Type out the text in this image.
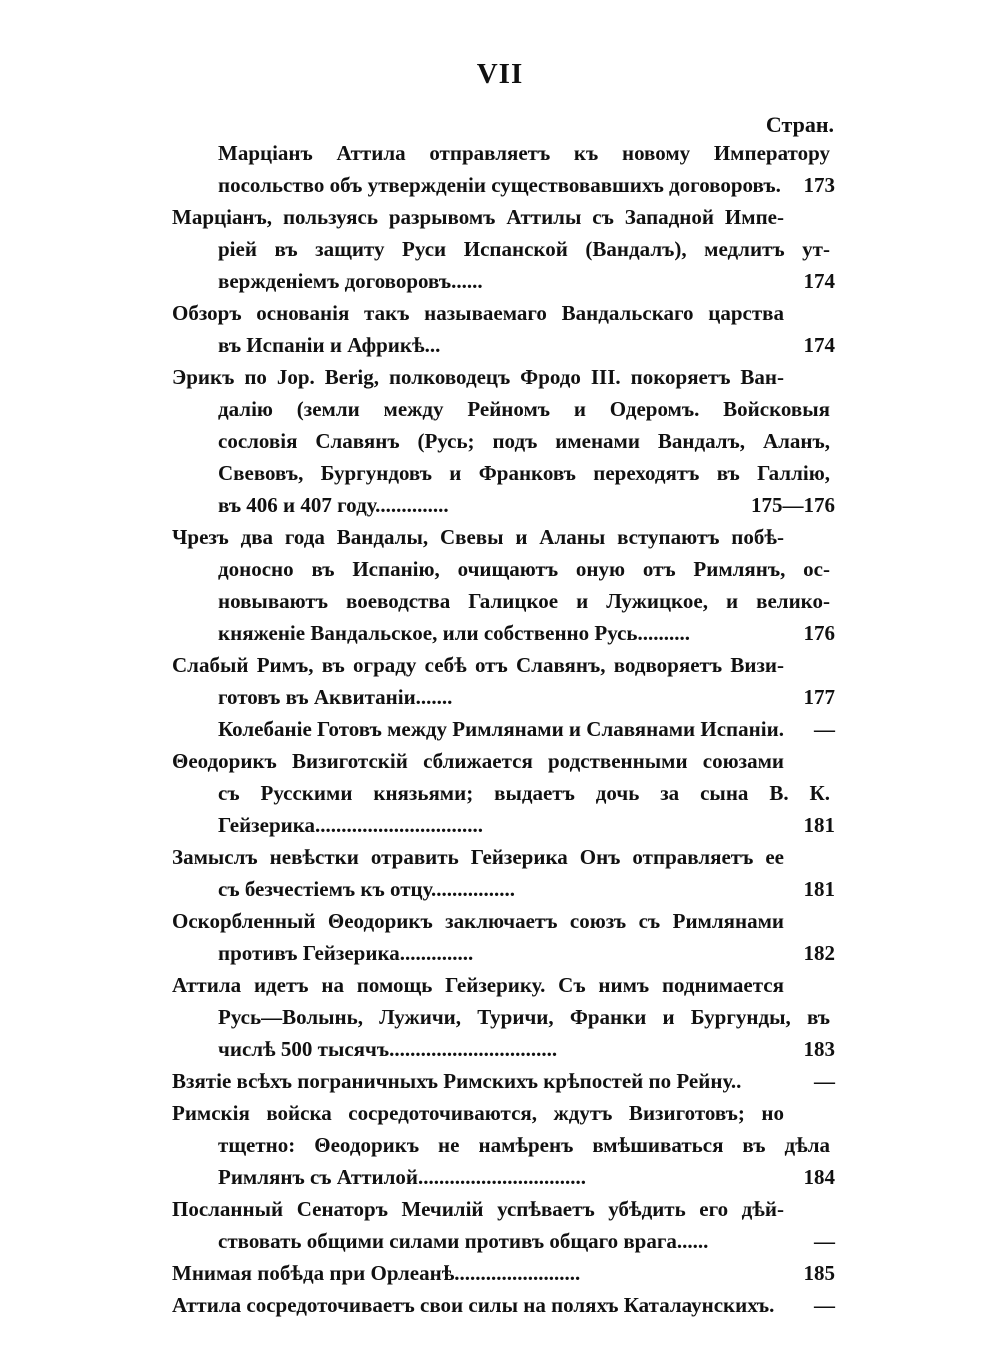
VII
Стран.
Марціанъ Аттила отправляетъ къ новому Императору
посольство объ утвержденіи существовавшихъ договоровъ. 173
Марціанъ, пользуясь разрывомъ Аттилы съ Западной Импе-
ріей въ защиту Руси Испанской (Вандалъ), медлитъ ут-
вержденіемъ договоровъ......	174
Обзоръ основанія такъ называемаго Вандальскаго царства
въ Испаніи и Африкѣ...	174
Эрикъ по Jop. Berig, полководецъ Фродо III. покоряетъ Ван-
далію (земли между Рейномъ и Одеромъ. Войсковыя
сословія Славянъ (Русь; подъ именами Вандалъ, Аланъ,
Свевовъ, Бургундовъ и Франковъ переходятъ въ Галлію,
въ 406 и 407 году..............	175—176
Чрезъ два года Вандалы, Свевы и Аланы вступаютъ побѣ-
доносно въ Испанію, очищаютъ оную отъ Римлянъ, ос-
новываютъ воеводства Галицкое и Лужицкое, и велико-
княженіе Вандальское, или собственно Русь..........	176
Слабый Римъ, въ ограду себѣ отъ Славянъ, водворяетъ Визи-
готовъ въ Аквитаніи.......	177
Колебаніе Готовъ между Римлянами и Славянами Испаніи. —
Θеодорикъ Визиготскій сближается родственными союзами
съ Русскими князьями; выдаетъ дочь за сына В. К.
Гейзерика................................	181
Замыслъ невѣстки отравить Гейзерика Онъ отправляетъ ее
съ безчестіемъ къ отцу................	181
Оскорбленный Θеодорикъ заключаетъ союзъ съ Римлянами
противъ Гейзерика..............	182
Аттила идетъ на помощь Гейзерику. Съ нимъ поднимается
Русь—Волынь, Лужичи, Туричи, Франки и Бургунды, въ
числѣ 500 тысячъ................................	183
Взятіе всѣхъ пограничныхъ Римскихъ крѣпостей по Рейну..	—
Римскія войска сосредоточиваются, ждутъ Визиготовъ; но
тщетно: Θеодорикъ не намѣренъ вмѣшиваться въ дѣла
Римлянъ съ Аттилой................................	184
Посланный Сенаторъ Мечилій успѣваетъ убѣдить его дѣй-
ствовать общими силами противъ общаго врага......	—
Мнимая побѣда при Орлеанѣ........................	185
Аттила сосредоточиваетъ свои силы на поляхъ Каталаунскихъ. —
